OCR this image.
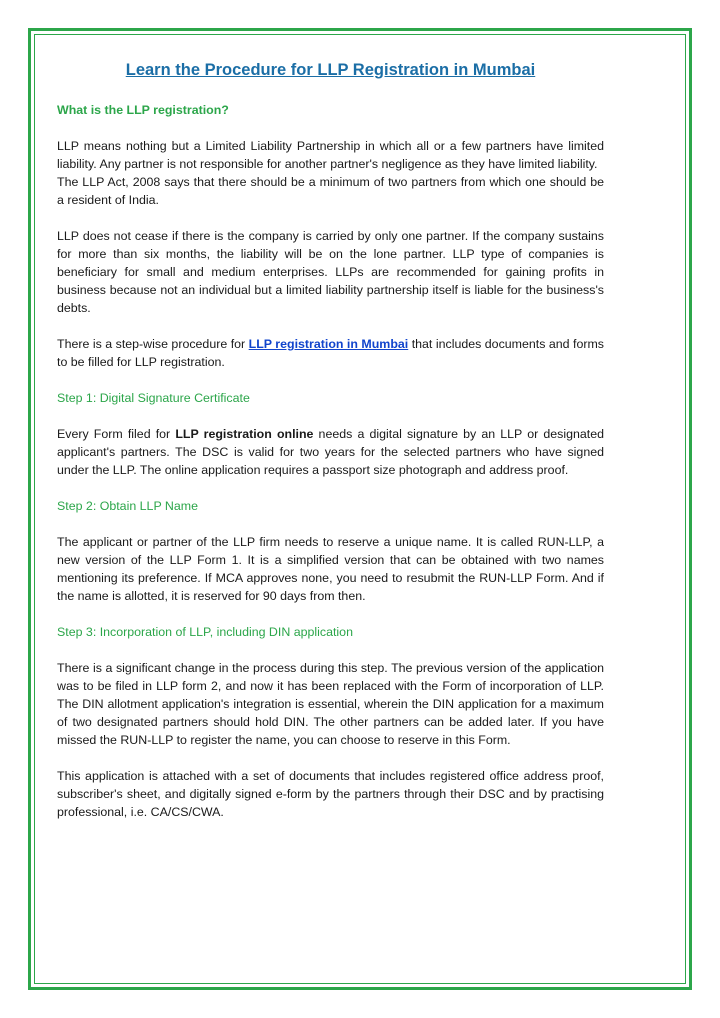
Learn the Procedure for LLP Registration in Mumbai
What is the LLP registration?

LLP means nothing but a Limited Liability Partnership in which all or a few partners have limited liability. Any partner is not responsible for another partner's negligence as they have limited liability.

The LLP Act, 2008 says that there should be a minimum of two partners from which one should be a resident of India.

LLP does not cease if there is the company is carried by only one partner. If the company sustains for more than six months, the liability will be on the lone partner. LLP type of companies is beneficiary for small and medium enterprises. LLPs are recommended for gaining profits in business because not an individual but a limited liability partnership itself is liable for the business's debts.

There is a step-wise procedure for LLP registration in Mumbai that includes documents and forms to be filled for LLP registration.

Step 1: Digital Signature Certificate

Every Form filed for LLP registration online needs a digital signature by an LLP or designated applicant's partners. The DSC is valid for two years for the selected partners who have signed under the LLP. The online application requires a passport size photograph and address proof.

Step 2: Obtain LLP Name

The applicant or partner of the LLP firm needs to reserve a unique name. It is called RUN-LLP, a new version of the LLP Form 1. It is a simplified version that can be obtained with two names mentioning its preference. If MCA approves none, you need to resubmit the RUN-LLP Form. And if the name is allotted, it is reserved for 90 days from then.

Step 3: Incorporation of LLP, including DIN application

There is a significant change in the process during this step. The previous version of the application was to be filed in LLP form 2, and now it has been replaced with the Form of incorporation of LLP. The DIN allotment application's integration is essential, wherein the DIN application for a maximum of two designated partners should hold DIN. The other partners can be added later. If you have missed the RUN-LLP to register the name, you can choose to reserve in this Form.

This application is attached with a set of documents that includes registered office address proof, subscriber's sheet, and digitally signed e-form by the partners through their DSC and by practising professional, i.e. CA/CS/CWA.
